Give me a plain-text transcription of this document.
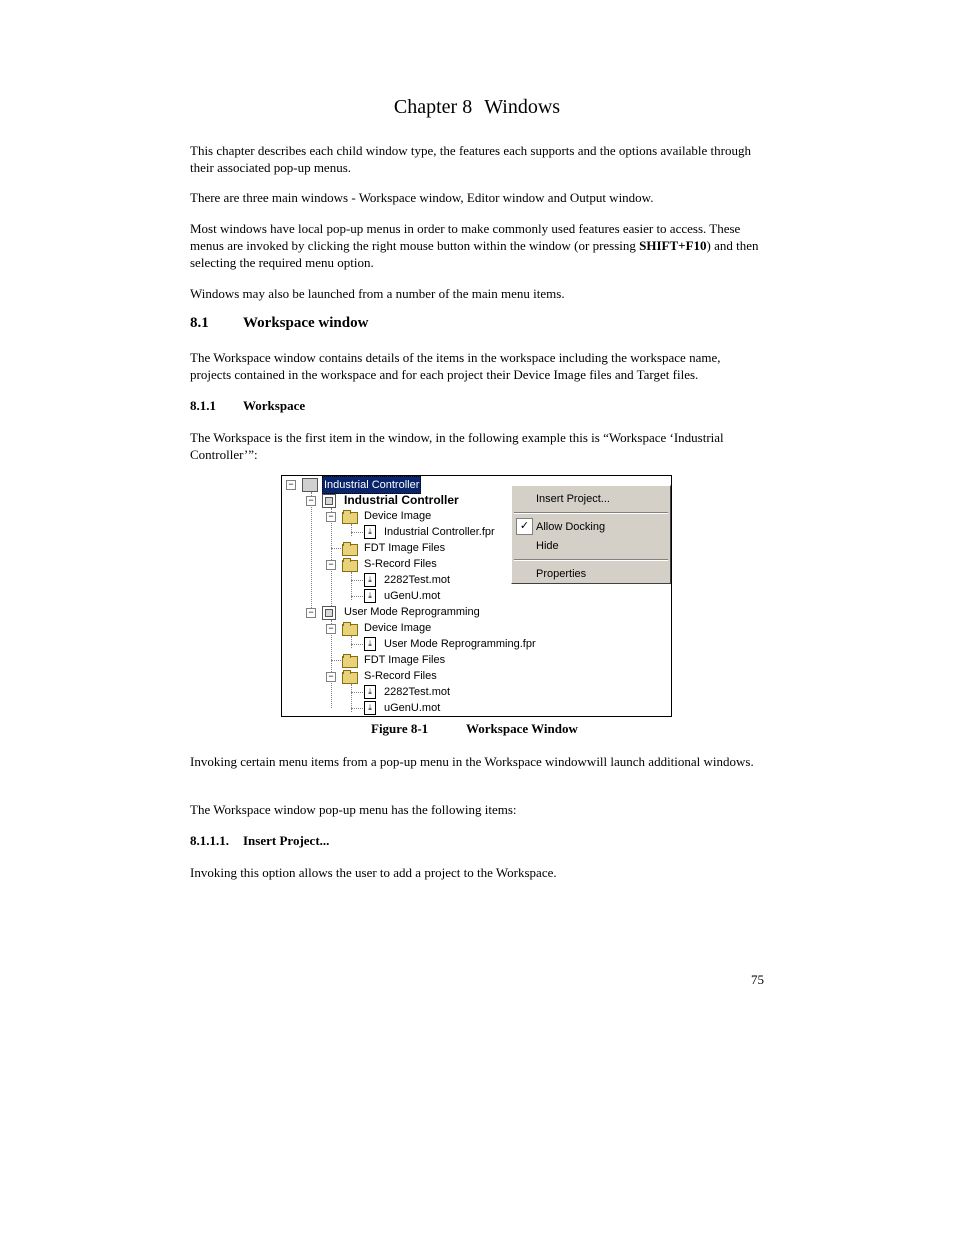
Chapter 8 Windows

This chapter describes each child window type, the features each supports and the options available through their associated pop-up menus.

There are three main windows - Workspace window, Editor window and Output window.

Most windows have local pop-up menus in order to make commonly used features easier to access. These menus are invoked by clicking the right mouse button within the window (or pressing SHIFT+F10) and then selecting the required menu option.

Windows may also be launched from a number of the main menu items.

8.1 Workspace window

The Workspace window contains details of the items in the workspace including the workspace name, projects contained in the workspace and for each project their Device Image files and Target files.

8.1.1 Workspace

The Workspace is the first item in the window, in the following example this is “Workspace ‘Industrial Controller’”:

Figure 8-1	Workspace Window

Invoking certain menu items from a pop-up menu in the Workspace windowwill launch additional windows.

The Workspace window pop-up menu has the following items:

8.1.1.1. Insert Project...

Invoking this option allows the user to add a project to the Workspace.

75
−	Industrial Controller
−	Industrial Controller
−	Device Image
⤓	Industrial Controller.fpr
FDT Image Files
−	S-Record Files
⤓	2282Test.mot
⤓	uGenU.mot
−	User Mode Reprogramming
−	Device Image
⤓	User Mode Reprogramming.fpr
FDT Image Files
−	S-Record Files
⤓	2282Test.mot
⤓	uGenU.mot
Insert Project...
✓ Allow Docking
Hide
Properties
